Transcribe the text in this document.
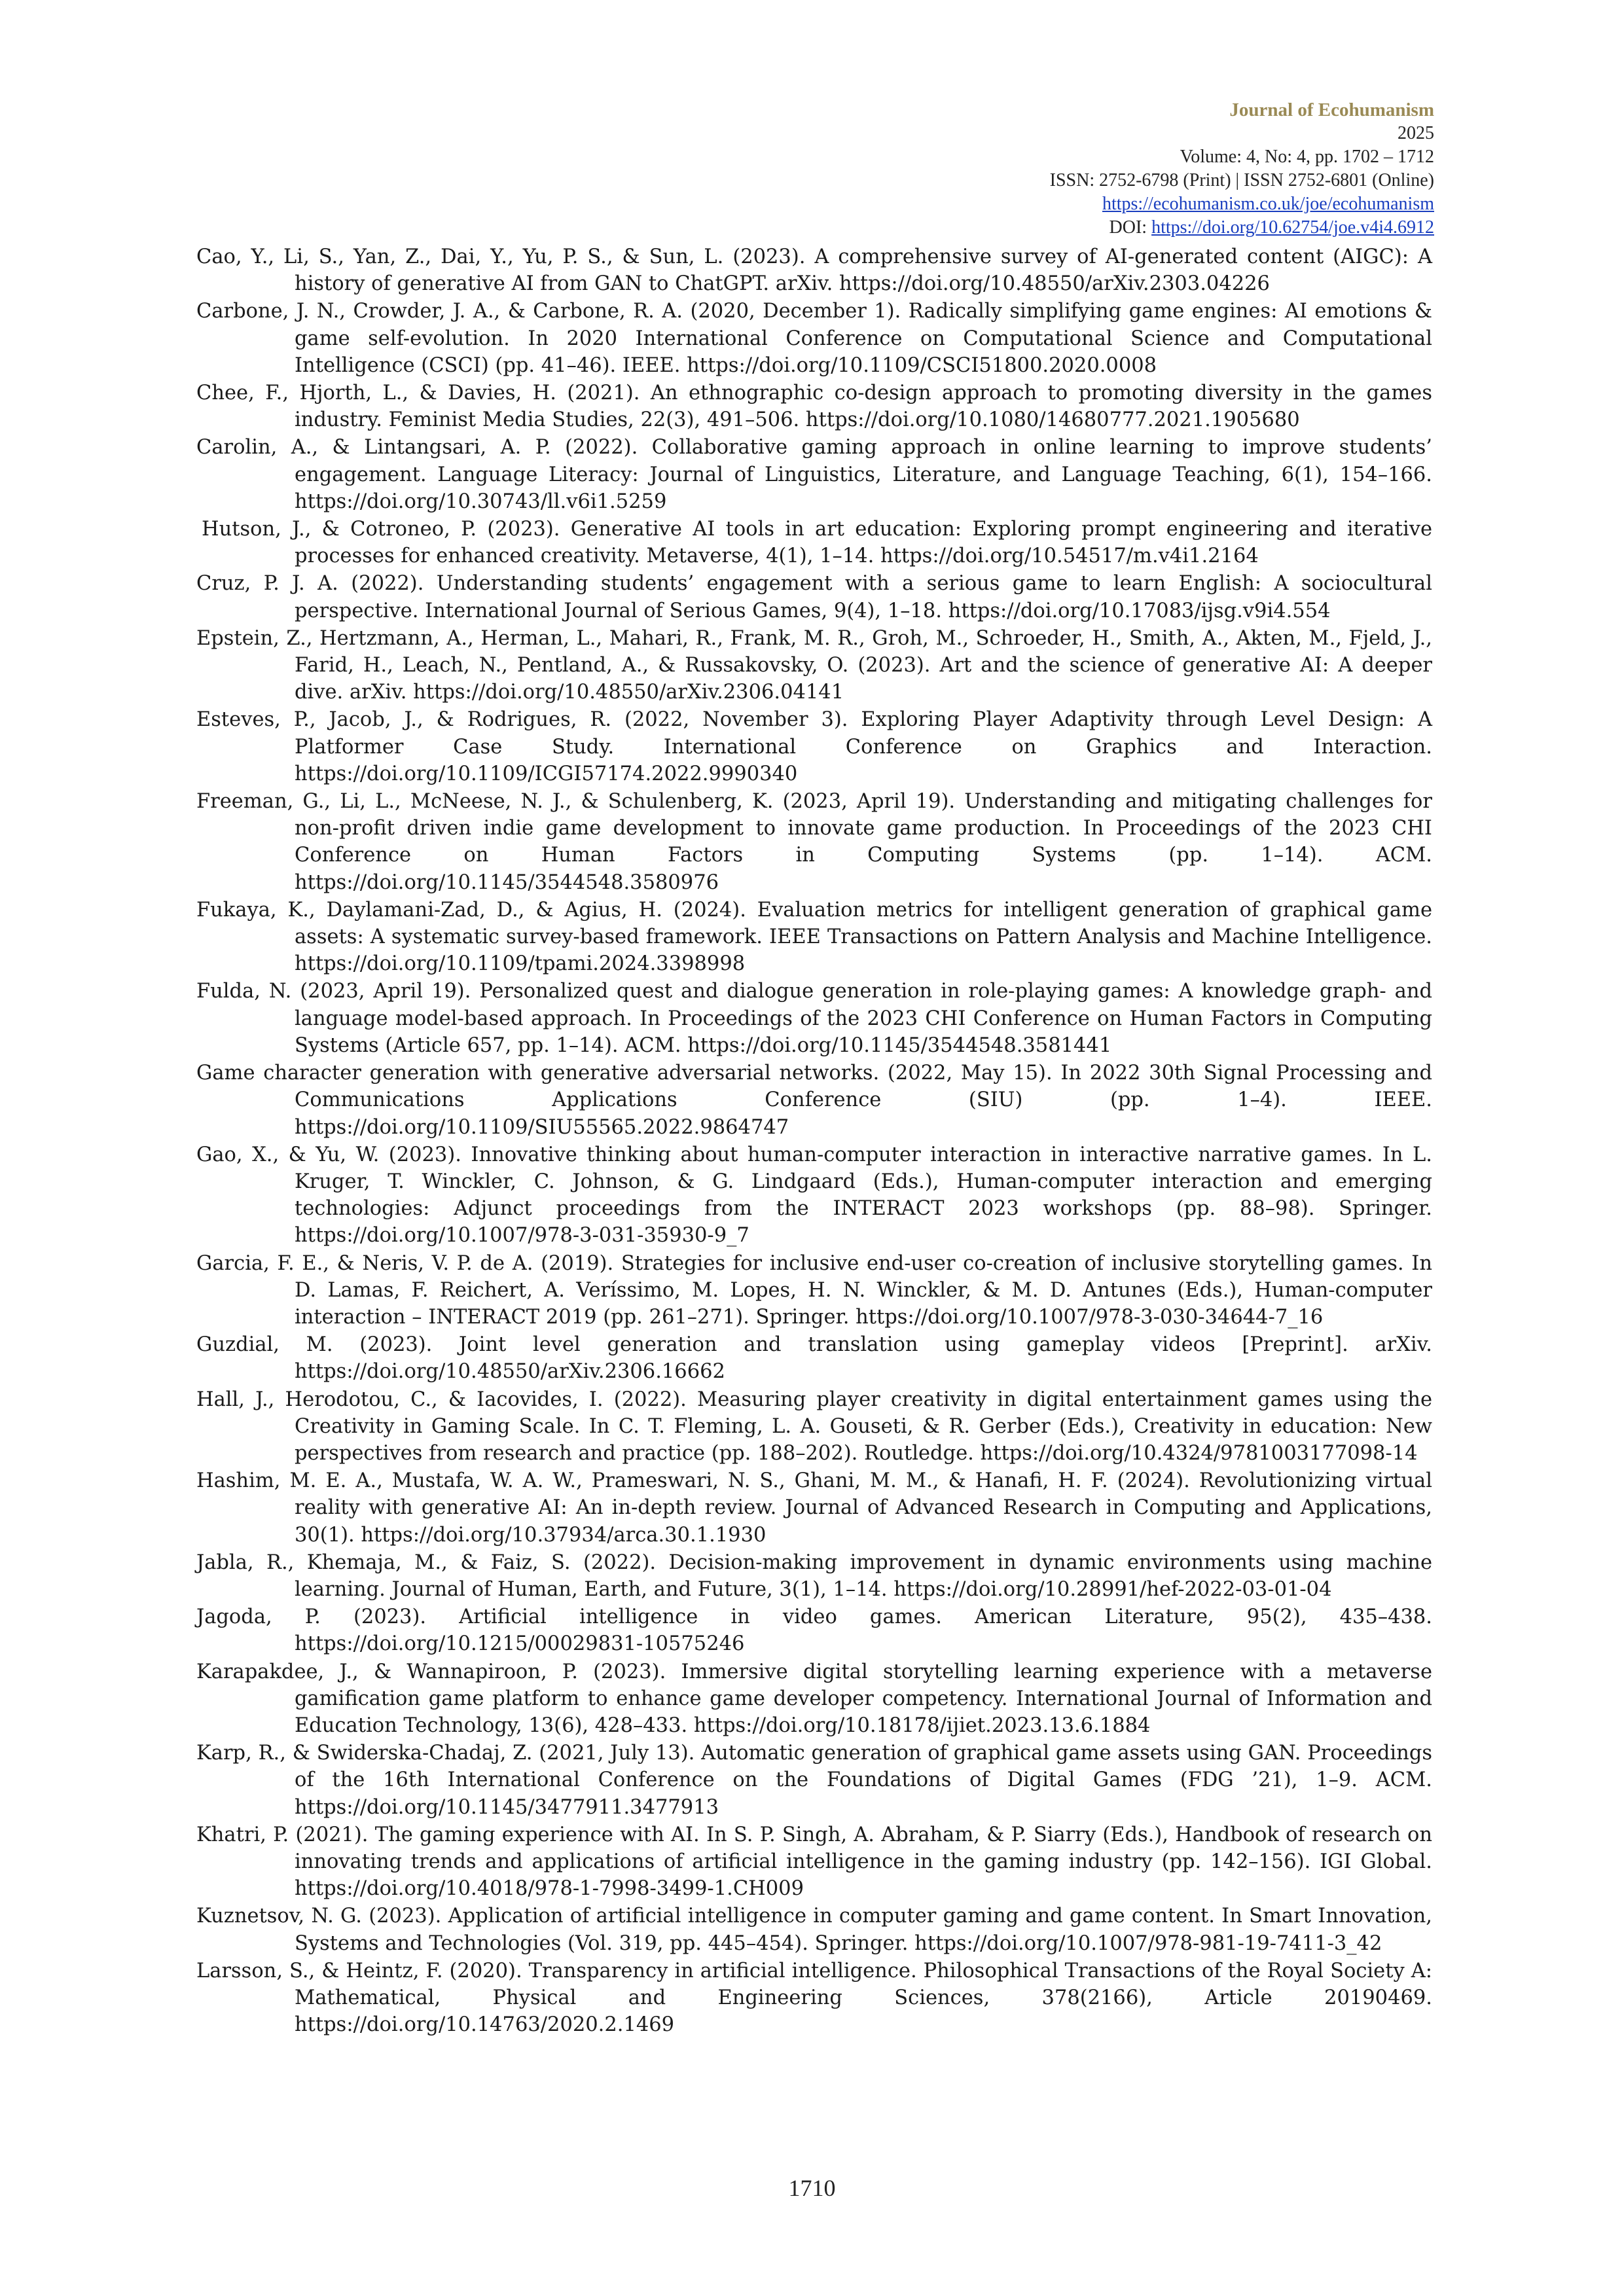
Journal of Ecohumanism
2025
Volume: 4, No: 4, pp. 1702 – 1712
ISSN: 2752-6798 (Print) | ISSN 2752-6801 (Online)
https://ecohumanism.co.uk/joe/ecohumanism
DOI: https://doi.org/10.62754/joe.v4i4.6912

Cao, Y., Li, S., Yan, Z., Dai, Y., Yu, P. S., & Sun, L. (2023). A comprehensive survey of AI-generated content (AIGC): A history of generative AI from GAN to ChatGPT. arXiv. https://doi.org/10.48550/arXiv.2303.04226

Carbone, J. N., Crowder, J. A., & Carbone, R. A. (2020, December 1). Radically simplifying game engines: AI emotions & game self-evolution. In 2020 International Conference on Computational Science and Computational Intelligence (CSCI) (pp. 41–46). IEEE. https://doi.org/10.1109/CSCI51800.2020.0008

Chee, F., Hjorth, L., & Davies, H. (2021). An ethnographic co-design approach to promoting diversity in the games industry. Feminist Media Studies, 22(3), 491–506. https://doi.org/10.1080/14680777.2021.1905680

Carolin, A., & Lintangsari, A. P. (2022). Collaborative gaming approach in online learning to improve students’ engagement. Language Literacy: Journal of Linguistics, Literature, and Language Teaching, 6(1), 154–166. https://doi.org/10.30743/ll.v6i1.5259

Hutson, J., & Cotroneo, P. (2023). Generative AI tools in art education: Exploring prompt engineering and iterative processes for enhanced creativity. Metaverse, 4(1), 1–14. https://doi.org/10.54517/m.v4i1.2164

Cruz, P. J. A. (2022). Understanding students’ engagement with a serious game to learn English: A sociocultural perspective. International Journal of Serious Games, 9(4), 1–18. https://doi.org/10.17083/ijsg.v9i4.554

Epstein, Z., Hertzmann, A., Herman, L., Mahari, R., Frank, M. R., Groh, M., Schroeder, H., Smith, A., Akten, M., Fjeld, J., Farid, H., Leach, N., Pentland, A., & Russakovsky, O. (2023). Art and the science of generative AI: A deeper dive. arXiv. https://doi.org/10.48550/arXiv.2306.04141

Esteves, P., Jacob, J., & Rodrigues, R. (2022, November 3). Exploring Player Adaptivity through Level Design: A Platformer Case Study. International Conference on Graphics and Interaction. https://doi.org/10.1109/ICGI57174.2022.9990340

Freeman, G., Li, L., McNeese, N. J., & Schulenberg, K. (2023, April 19). Understanding and mitigating challenges for non-profit driven indie game development to innovate game production. In Proceedings of the 2023 CHI Conference on Human Factors in Computing Systems (pp. 1–14). ACM. https://doi.org/10.1145/3544548.3580976

Fukaya, K., Daylamani-Zad, D., & Agius, H. (2024). Evaluation metrics for intelligent generation of graphical game assets: A systematic survey-based framework. IEEE Transactions on Pattern Analysis and Machine Intelligence. https://doi.org/10.1109/tpami.2024.3398998

Fulda, N. (2023, April 19). Personalized quest and dialogue generation in role-playing games: A knowledge graph- and language model-based approach. In Proceedings of the 2023 CHI Conference on Human Factors in Computing Systems (Article 657, pp. 1–14). ACM. https://doi.org/10.1145/3544548.3581441

Game character generation with generative adversarial networks. (2022, May 15). In 2022 30th Signal Processing and Communications Applications Conference (SIU) (pp. 1–4). IEEE. https://doi.org/10.1109/SIU55565.2022.9864747

Gao, X., & Yu, W. (2023). Innovative thinking about human-computer interaction in interactive narrative games. In L. Kruger, T. Winckler, C. Johnson, & G. Lindgaard (Eds.), Human-computer interaction and emerging technologies: Adjunct proceedings from the INTERACT 2023 workshops (pp. 88–98). Springer. https://doi.org/10.1007/978-3-031-35930-9_7

Garcia, F. E., & Neris, V. P. de A. (2019). Strategies for inclusive end-user co-creation of inclusive storytelling games. In D. Lamas, F. Reichert, A. Veríssimo, M. Lopes, H. N. Winckler, & M. D. Antunes (Eds.), Human-computer interaction – INTERACT 2019 (pp. 261–271). Springer. https://doi.org/10.1007/978-3-030-34644-7_16

Guzdial, M. (2023). Joint level generation and translation using gameplay videos [Preprint]. arXiv. https://doi.org/10.48550/arXiv.2306.16662

Hall, J., Herodotou, C., & Iacovides, I. (2022). Measuring player creativity in digital entertainment games using the Creativity in Gaming Scale. In C. T. Fleming, L. A. Gouseti, & R. Gerber (Eds.), Creativity in education: New perspectives from research and practice (pp. 188–202). Routledge. https://doi.org/10.4324/9781003177098-14

Hashim, M. E. A., Mustafa, W. A. W., Prameswari, N. S., Ghani, M. M., & Hanafi, H. F. (2024). Revolutionizing virtual reality with generative AI: An in-depth review. Journal of Advanced Research in Computing and Applications, 30(1). https://doi.org/10.37934/arca.30.1.1930

Jabla, R., Khemaja, M., & Faiz, S. (2022). Decision-making improvement in dynamic environments using machine learning. Journal of Human, Earth, and Future, 3(1), 1–14. https://doi.org/10.28991/hef-2022-03-01-04

Jagoda, P. (2023). Artificial intelligence in video games. American Literature, 95(2), 435–438. https://doi.org/10.1215/00029831-10575246

Karapakdee, J., & Wannapiroon, P. (2023). Immersive digital storytelling learning experience with a metaverse gamification game platform to enhance game developer competency. International Journal of Information and Education Technology, 13(6), 428–433. https://doi.org/10.18178/ijiet.2023.13.6.1884

Karp, R., & Swiderska-Chadaj, Z. (2021, July 13). Automatic generation of graphical game assets using GAN. Proceedings of the 16th International Conference on the Foundations of Digital Games (FDG ’21), 1–9. ACM. https://doi.org/10.1145/3477911.3477913

Khatri, P. (2021). The gaming experience with AI. In S. P. Singh, A. Abraham, & P. Siarry (Eds.), Handbook of research on innovating trends and applications of artificial intelligence in the gaming industry (pp. 142–156). IGI Global. https://doi.org/10.4018/978-1-7998-3499-1.CH009

Kuznetsov, N. G. (2023). Application of artificial intelligence in computer gaming and game content. In Smart Innovation, Systems and Technologies (Vol. 319, pp. 445–454). Springer. https://doi.org/10.1007/978-981-19-7411-3_42

Larsson, S., & Heintz, F. (2020). Transparency in artificial intelligence. Philosophical Transactions of the Royal Society A: Mathematical, Physical and Engineering Sciences, 378(2166), Article 20190469. https://doi.org/10.14763/2020.2.1469

1710
